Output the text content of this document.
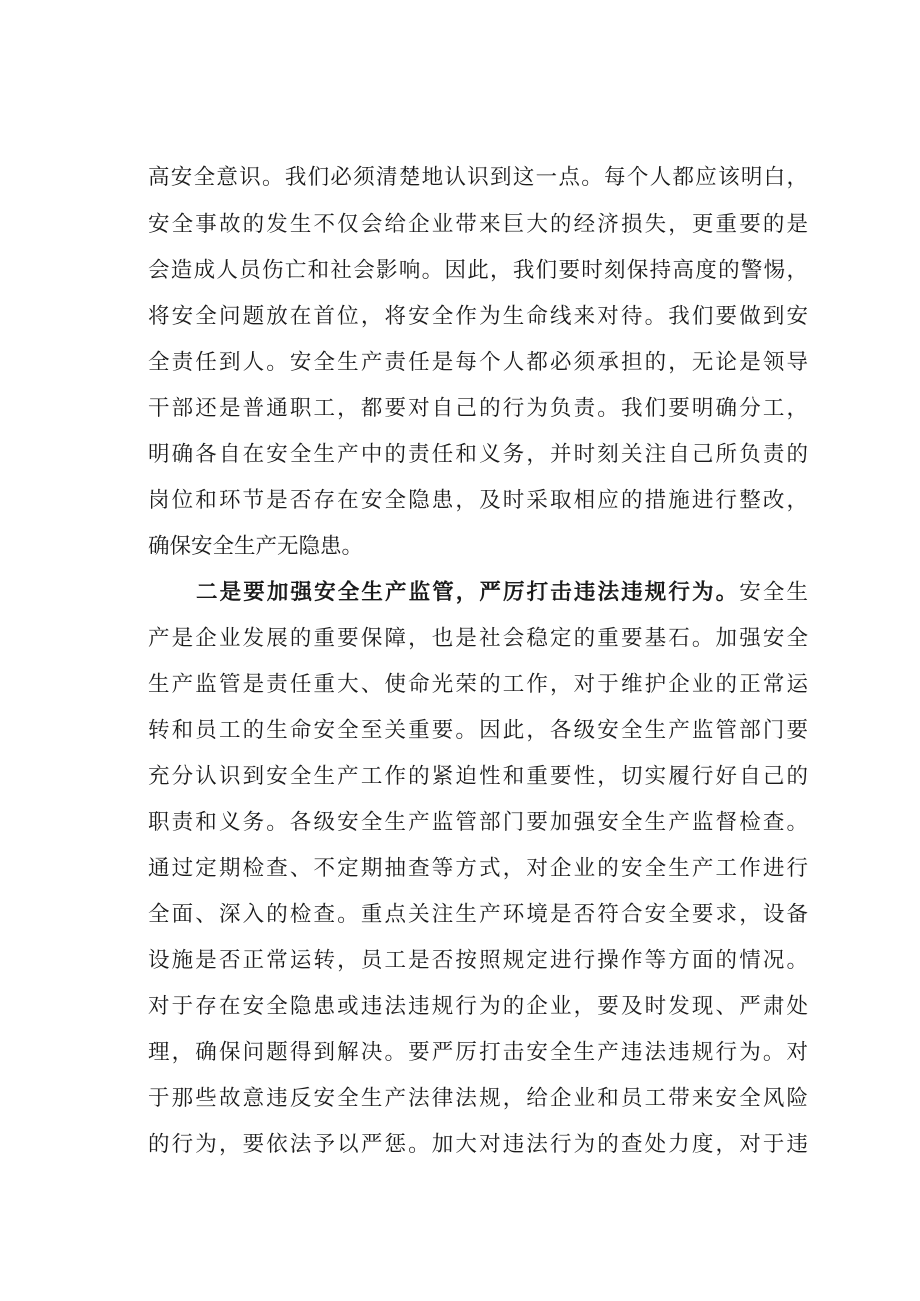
高安全意识。我们必须清楚地认识到这一点。每个人都应该明白，
安全事故的发生不仅会给企业带来巨大的经济损失，更重要的是
会造成人员伤亡和社会影响。因此，我们要时刻保持高度的警惕，
将安全问题放在首位，将安全作为生命线来对待。我们要做到安
全责任到人。安全生产责任是每个人都必须承担的，无论是领导
干部还是普通职工，都要对自己的行为负责。我们要明确分工，
明确各自在安全生产中的责任和义务，并时刻关注自己所负责的
岗位和环节是否存在安全隐患，及时采取相应的措施进行整改，
确保安全生产无隐患。
二是要加强安全生产监管，严厉打击违法违规行为。安全生
产是企业发展的重要保障，也是社会稳定的重要基石。加强安全
生产监管是责任重大、使命光荣的工作，对于维护企业的正常运
转和员工的生命安全至关重要。因此，各级安全生产监管部门要
充分认识到安全生产工作的紧迫性和重要性，切实履行好自己的
职责和义务。各级安全生产监管部门要加强安全生产监督检查。
通过定期检查、不定期抽查等方式，对企业的安全生产工作进行
全面、深入的检查。重点关注生产环境是否符合安全要求，设备
设施是否正常运转，员工是否按照规定进行操作等方面的情况。
对于存在安全隐患或违法违规行为的企业，要及时发现、严肃处
理，确保问题得到解决。要严厉打击安全生产违法违规行为。对
于那些故意违反安全生产法律法规，给企业和员工带来安全风险
的行为，要依法予以严惩。加大对违法行为的查处力度，对于违
